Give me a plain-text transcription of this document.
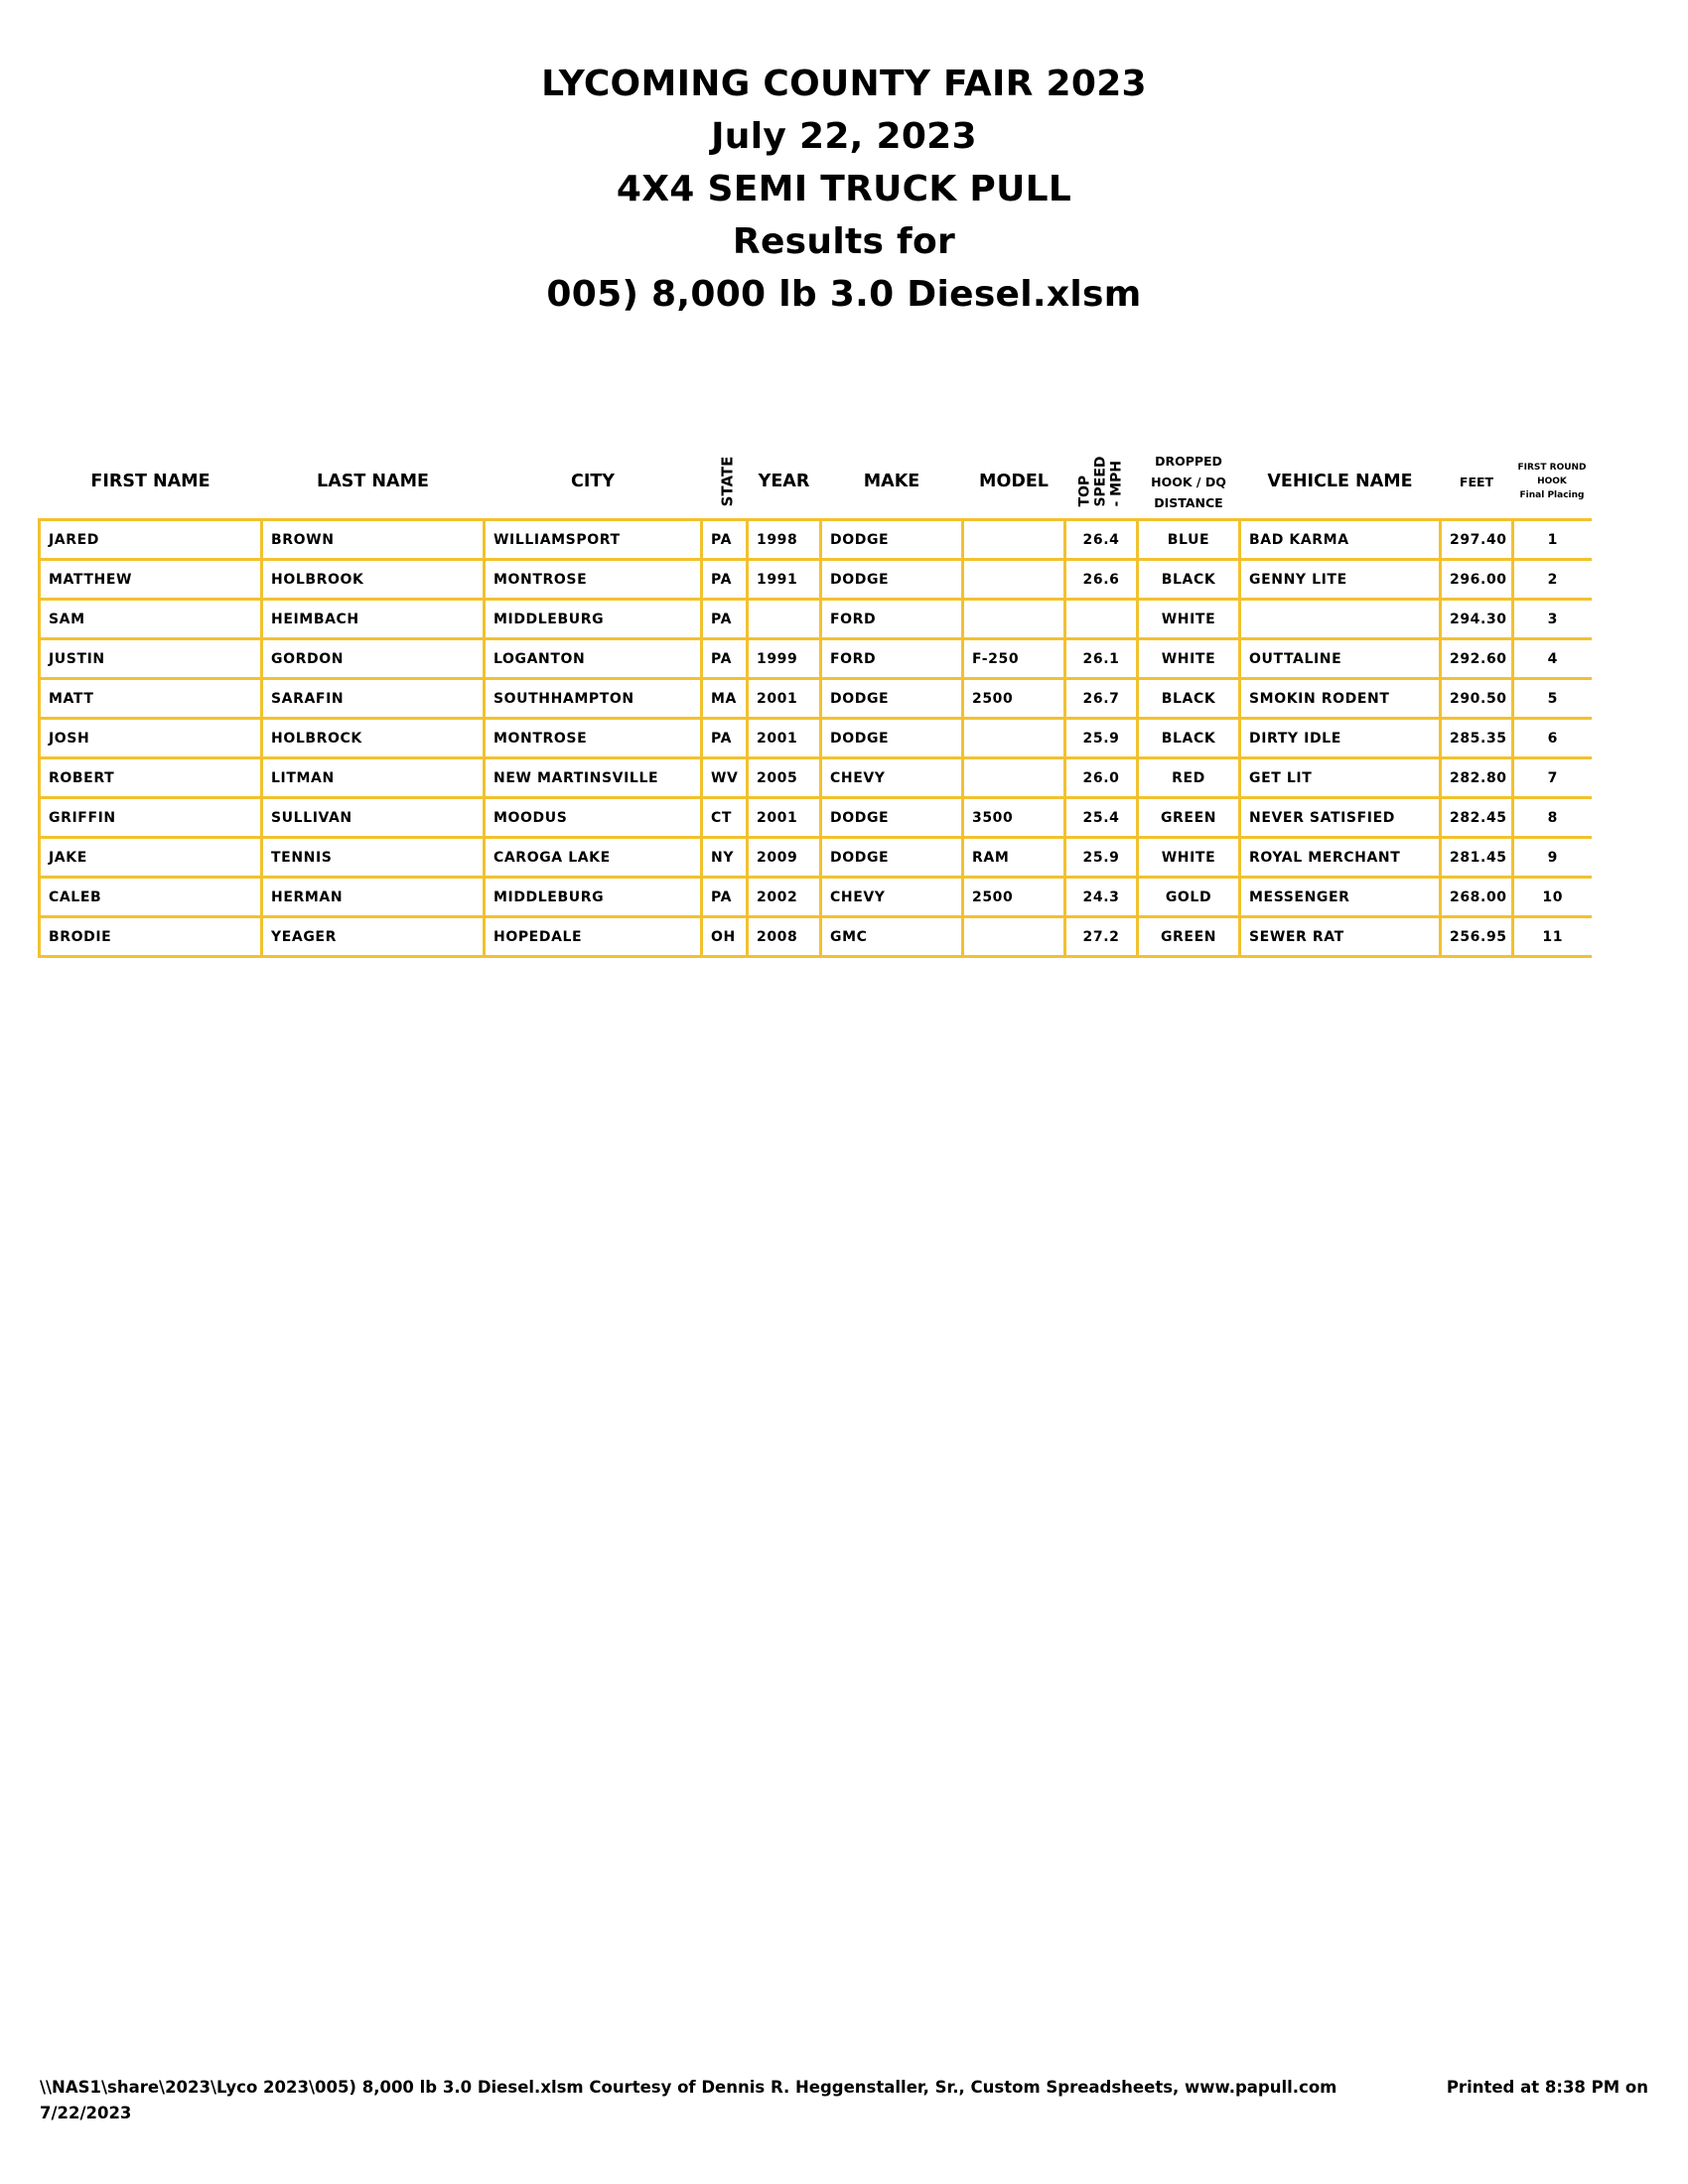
LYCOMING COUNTY FAIR 2023
July 22, 2023
4X4 SEMI TRUCK PULL
Results for
005) 8,000 lb 3.0 Diesel.xlsm
FIRST NAME	LAST NAME	CITY	STATE	YEAR	MAKE	MODEL	TOP
SPEED
- MPH	DROPPED
HOOK / DQ
DISTANCE	VEHICLE NAME	FEET	FIRST ROUND
HOOK
Final Placing
JARED	BROWN	WILLIAMSPORT	PA	1998	DODGE		26.4	BLUE	BAD KARMA	297.40	1
MATTHEW	HOLBROOK	MONTROSE	PA	1991	DODGE		26.6	BLACK	GENNY LITE	296.00	2
SAM	HEIMBACH	MIDDLEBURG	PA		FORD			WHITE		294.30	3
JUSTIN	GORDON	LOGANTON	PA	1999	FORD	F-250	26.1	WHITE	OUTTALINE	292.60	4
MATT	SARAFIN	SOUTHHAMPTON	MA	2001	DODGE	2500	26.7	BLACK	SMOKIN RODENT	290.50	5
JOSH	HOLBROCK	MONTROSE	PA	2001	DODGE		25.9	BLACK	DIRTY IDLE	285.35	6
ROBERT	LITMAN	NEW MARTINSVILLE	WV	2005	CHEVY		26.0	RED	GET LIT	282.80	7
GRIFFIN	SULLIVAN	MOODUS	CT	2001	DODGE	3500	25.4	GREEN	NEVER SATISFIED	282.45	8
JAKE	TENNIS	CAROGA LAKE	NY	2009	DODGE	RAM	25.9	WHITE	ROYAL MERCHANT	281.45	9
CALEB	HERMAN	MIDDLEBURG	PA	2002	CHEVY	2500	24.3	GOLD	MESSENGER	268.00	10
BRODIE	YEAGER	HOPEDALE	OH	2008	GMC		27.2	GREEN	SEWER RAT	256.95	11
\\NAS1\share\2023\Lyco 2023\005) 8,000 lb 3.0 Diesel.xlsm Courtesy of Dennis R. Heggenstaller, Sr., Custom Spreadsheets, www.papull.com	Printed at 8:38 PM on
7/22/2023
